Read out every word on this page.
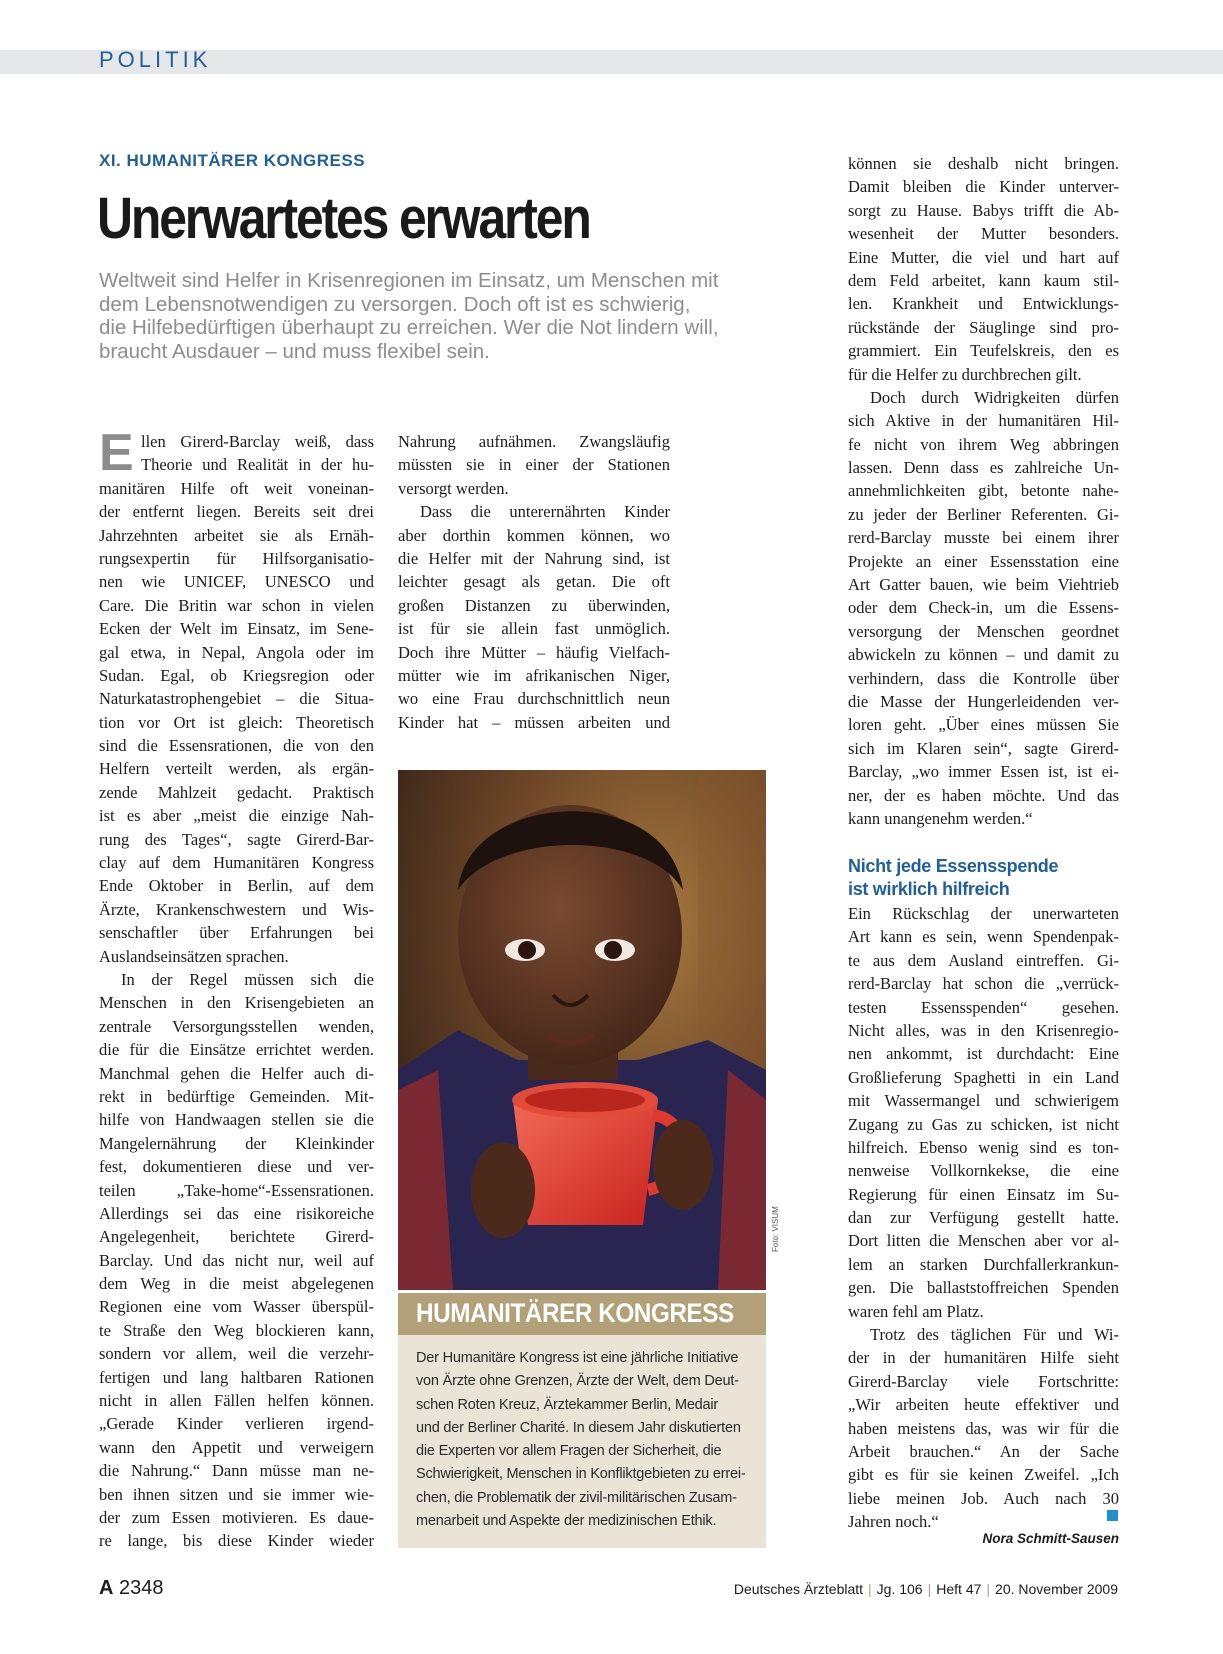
POLITIK
XI. HUMANITÄRER KONGRESS
Unerwartetes erwarten
Weltweit sind Helfer in Krisenregionen im Einsatz, um Menschen mit
dem Lebensnotwendigen zu versorgen. Doch oft ist es schwierig,
die Hilfebedürftigen überhaupt zu erreichen. Wer die Not lindern will,
braucht Ausdauer – und muss flexibel sein.
E llen Girerd-Barclay weiß, dass
Theorie und Realität in der hu-
manitären Hilfe oft weit voneinan-
der entfernt liegen. Bereits seit drei
Jahrzehnten arbeitet sie als Ernäh-
rungsexpertin für Hilfsorganisatio-
nen wie UNICEF, UNESCO und
Care. Die Britin war schon in vielen
Ecken der Welt im Einsatz, im Sene-
gal etwa, in Nepal, Angola oder im
Sudan. Egal, ob Kriegsregion oder
Naturkatastrophengebiet – die Situa-
tion vor Ort ist gleich: Theoretisch
sind die Essensrationen, die von den
Helfern verteilt werden, als ergän-
zende Mahlzeit gedacht. Praktisch
ist es aber „meist die einzige Nah-
rung des Tages“, sagte Girerd-Bar-
clay auf dem Humanitären Kongress
Ende Oktober in Berlin, auf dem
Ärzte, Krankenschwestern und Wis-
senschaftler über Erfahrungen bei
Auslandseinsätzen sprachen.
In der Regel müssen sich die
Menschen in den Krisengebieten an
zentrale Versorgungsstellen wenden,
die für die Einsätze errichtet werden.
Manchmal gehen die Helfer auch di-
rekt in bedürftige Gemeinden. Mit-
hilfe von Handwaagen stellen sie die
Mangelernährung der Kleinkinder
fest, dokumentieren diese und ver-
teilen „Take-home“-Essensrationen.
Allerdings sei das eine risikoreiche
Angelegenheit, berichtete Girerd-
Barclay. Und das nicht nur, weil auf
dem Weg in die meist abgelegenen
Regionen eine vom Wasser überspül-
te Straße den Weg blockieren kann,
sondern vor allem, weil die verzehr-
fertigen und lang haltbaren Rationen
nicht in allen Fällen helfen können.
„Gerade Kinder verlieren irgend-
wann den Appetit und verweigern
die Nahrung.“ Dann müsse man ne-
ben ihnen sitzen und sie immer wie-
der zum Essen motivieren. Es daue-
re lange, bis diese Kinder wieder
Nahrung aufnähmen. Zwangsläufig
müssten sie in einer der Stationen
versorgt werden.
Dass die unterernährten Kinder
aber dorthin kommen können, wo
die Helfer mit der Nahrung sind, ist
leichter gesagt als getan. Die oft
großen Distanzen zu überwinden,
ist für sie allein fast unmöglich.
Doch ihre Mütter – häufig Vielfach-
mütter wie im afrikanischen Niger,
wo eine Frau durchschnittlich neun
Kinder hat – müssen arbeiten und
können sie deshalb nicht bringen.
Damit bleiben die Kinder unterver-
sorgt zu Hause. Babys trifft die Ab-
wesenheit der Mutter besonders.
Eine Mutter, die viel und hart auf
dem Feld arbeitet, kann kaum stil-
len. Krankheit und Entwicklungs-
rückstände der Säuglinge sind pro-
grammiert. Ein Teufelskreis, den es
für die Helfer zu durchbrechen gilt.
Doch durch Widrigkeiten dürfen
sich Aktive in der humanitären Hil-
fe nicht von ihrem Weg abbringen
lassen. Denn dass es zahlreiche Un-
annehmlichkeiten gibt, betonte nahe-
zu jeder der Berliner Referenten. Gi-
rerd-Barclay musste bei einem ihrer
Projekte an einer Essensstation eine
Art Gatter bauen, wie beim Viehtrieb
oder dem Check-in, um die Essens-
versorgung der Menschen geordnet
abwickeln zu können – und damit zu
verhindern, dass die Kontrolle über
die Masse der Hungerleidenden ver-
loren geht. „Über eines müssen Sie
sich im Klaren sein“, sagte Girerd-
Barclay, „wo immer Essen ist, ist ei-
ner, der es haben möchte. Und das
kann unangenehm werden.“
Nicht jede Essensspende
ist wirklich hilfreich
Ein Rückschlag der unerwarteten
Art kann es sein, wenn Spendenpak-
te aus dem Ausland eintreffen. Gi-
rerd-Barclay hat schon die „verrück-
testen Essensspenden“ gesehen.
Nicht alles, was in den Krisenregio-
nen ankommt, ist durchdacht: Eine
Großlieferung Spaghetti in ein Land
mit Wassermangel und schwierigem
Zugang zu Gas zu schicken, ist nicht
hilfreich. Ebenso wenig sind es ton-
nenweise Vollkornkekse, die eine
Regierung für einen Einsatz im Su-
dan zur Verfügung gestellt hatte.
Dort litten die Menschen aber vor al-
lem an starken Durchfallerkrankun-
gen. Die ballaststoffreichen Spenden
waren fehl am Platz.
Trotz des täglichen Für und Wi-
der in der humanitären Hilfe sieht
Girerd-Barclay viele Fortschritte:
„Wir arbeiten heute effektiver und
haben meistens das, was wir für die
Arbeit brauchen.“ An der Sache
gibt es für sie keinen Zweifel. „Ich
liebe meinen Job. Auch nach 30
Jahren noch.“
Foto: VISUM
HUMANITÄRER KONGRESS
Der Humanitäre Kongress ist eine jährliche Initiative
von Ärzte ohne Grenzen, Ärzte der Welt, dem Deut-
schen Roten Kreuz, Ärztekammer Berlin, Medair
und der Berliner Charité. In diesem Jahr diskutierten
die Experten vor allem Fragen der Sicherheit, die
Schwierigkeit, Menschen in Konfliktgebieten zu errei-
chen, die Problematik der zivil-militärischen Zusam-
menarbeit und Aspekte der medizinischen Ethik.
Nora Schmitt-Sausen
A 2348	Deutsches Ärzteblatt | Jg. 106 | Heft 47 | 20. November 2009
